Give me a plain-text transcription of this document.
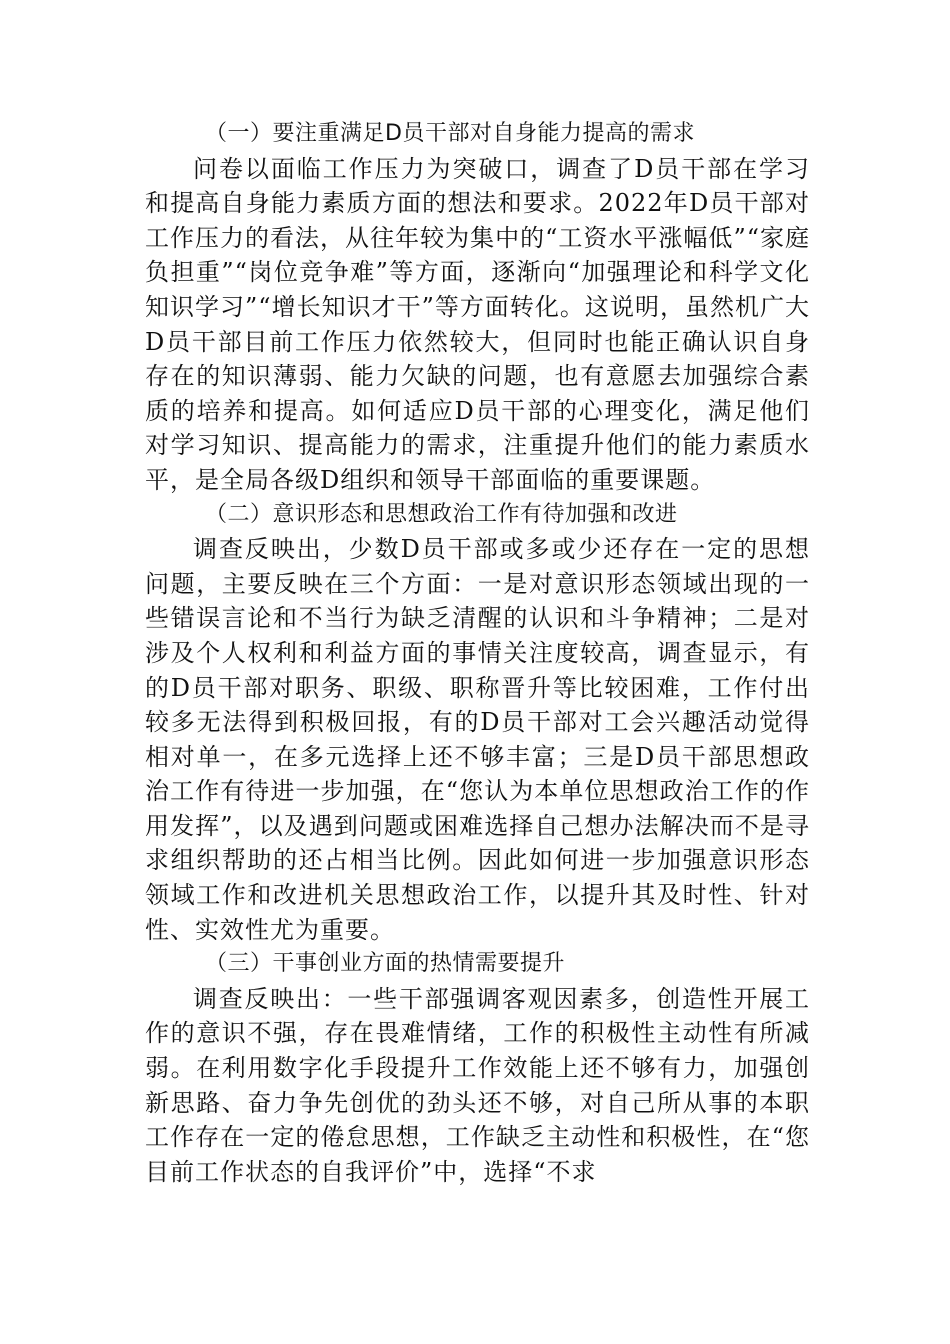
（一）要注重满足D员干部对自身能力提高的需求

问卷以面临工作压力为突破口，调查了D员干部在学习和提高自身能力素质方面的想法和要求。2022年D员干部对工作压力的看法，从往年较为集中的“工资水平涨幅低”“家庭负担重”“岗位竞争难”等方面，逐渐向“加强理论和科学文化知识学习”“增长知识才干”等方面转化。这说明，虽然机广大D员干部目前工作压力依然较大，但同时也能正确认识自身存在的知识薄弱、能力欠缺的问题，也有意愿去加强综合素质的培养和提高。如何适应D员干部的心理变化，满足他们对学习知识、提高能力的需求，注重提升他们的能力素质水平，是全局各级D组织和领导干部面临的重要课题。

（二）意识形态和思想政治工作有待加强和改进

调查反映出，少数D员干部或多或少还存在一定的思想问题，主要反映在三个方面：一是对意识形态领域出现的一些错误言论和不当行为缺乏清醒的认识和斗争精神；二是对涉及个人权利和利益方面的事情关注度较高，调查显示，有的D员干部对职务、职级、职称晋升等比较困难，工作付出较多无法得到积极回报，有的D员干部对工会兴趣活动觉得相对单一，在多元选择上还不够丰富；三是D员干部思想政治工作有待进一步加强，在“您认为本单位思想政治工作的作用发挥”，以及遇到问题或困难选择自己想办法解决而不是寻求组织帮助的还占相当比例。因此如何进一步加强意识形态领域工作和改进机关思想政治工作，以提升其及时性、针对性、实效性尤为重要。

（三）干事创业方面的热情需要提升

调查反映出：一些干部强调客观因素多，创造性开展工作的意识不强，存在畏难情绪，工作的积极性主动性有所减弱。在利用数字化手段提升工作效能上还不够有力，加强创新思路、奋力争先创优的劲头还不够，对自己所从事的本职工作存在一定的倦怠思想，工作缺乏主动性和积极性，在“您目前工作状态的自我评价”中，选择“不求
